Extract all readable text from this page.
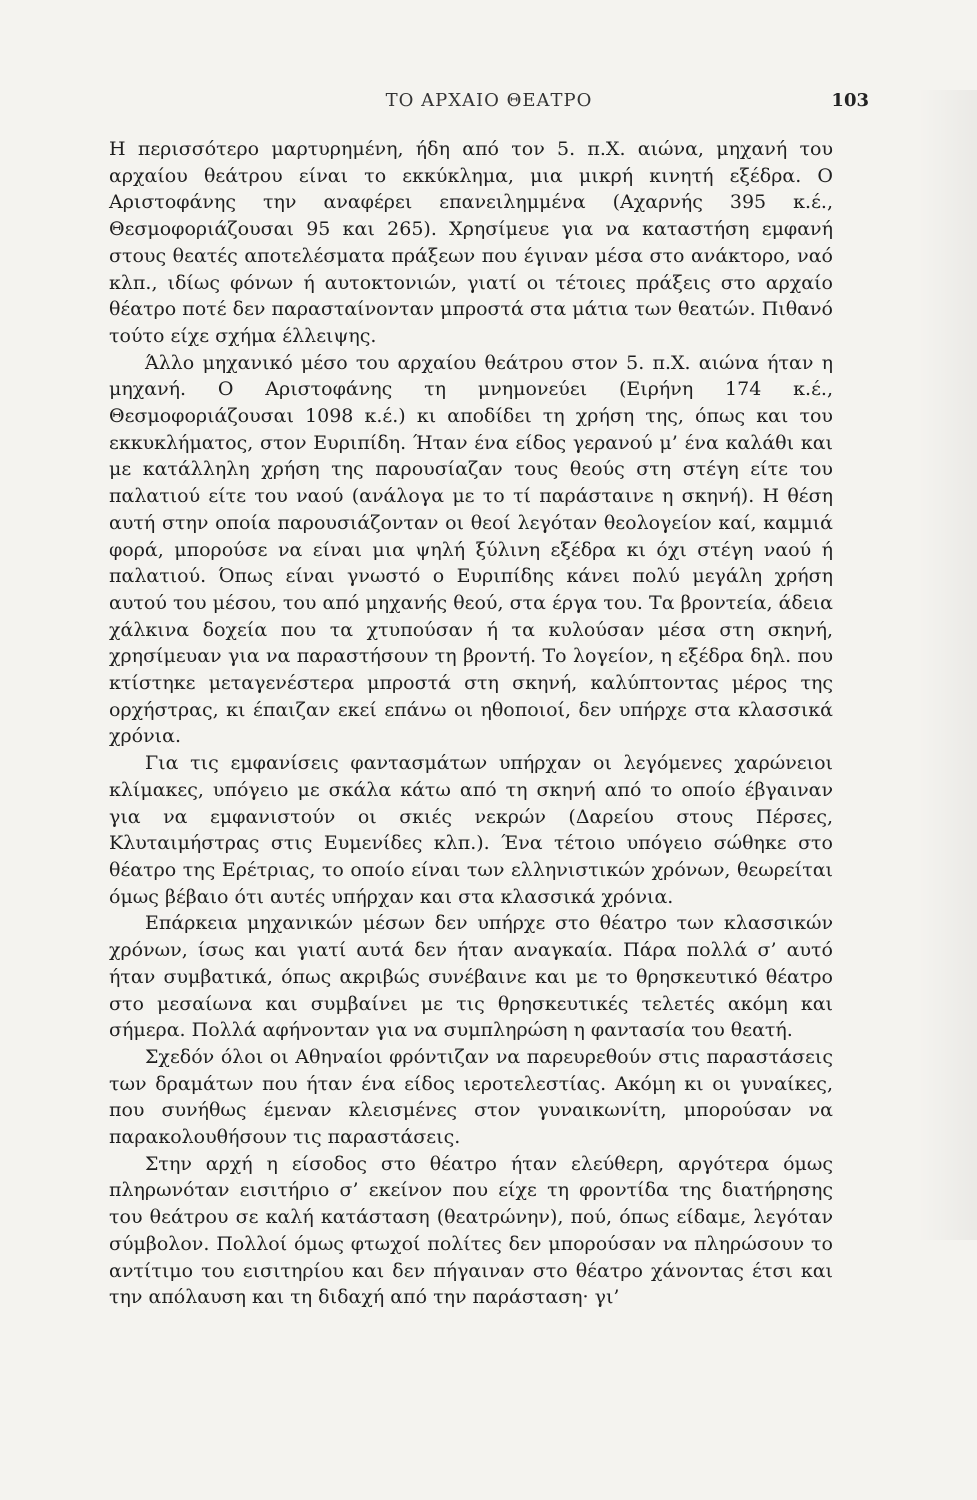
ΤΟ ΑΡΧΑΙΟ ΘΕΑΤΡΟ	103

Η περισσότερο μαρτυρημένη, ήδη από τον 5. π.Χ. αιώνα, μηχανή του αρχαίου θεάτρου είναι το εκκύκλημα, μια μικρή κινητή εξέδρα. Ο Αριστοφάνης την αναφέρει επανειλημμένα (Αχαρνής 395 κ.έ., Θεσμοφοριάζουσαι 95 και 265). Χρησίμευε για να καταστήση εμφανή στους θεατές αποτελέσματα πράξεων που έγιναν μέσα στο ανάκτορο, ναό κλπ., ιδίως φόνων ή αυτοκτονιών, γιατί οι τέτοιες πράξεις στο αρχαίο θέατρο ποτέ δεν παρασταίνονταν μπροστά στα μάτια των θεατών. Πιθανό τούτο είχε σχήμα έλλειψης.

Άλλο μηχανικό μέσο του αρχαίου θεάτρου στον 5. π.Χ. αιώνα ήταν η μηχανή. Ο Αριστοφάνης τη μνημονεύει (Ειρήνη 174 κ.έ., Θεσμοφοριάζουσαι 1098 κ.έ.) κι αποδίδει τη χρήση της, όπως και του εκκυκλήματος, στον Ευριπίδη. Ήταν ένα είδος γερανού μ’ ένα καλάθι και με κατάλληλη χρήση της παρουσίαζαν τους θεούς στη στέγη είτε του παλατιού είτε του ναού (ανάλογα με το τί παράσταινε η σκηνή). Η θέση αυτή στην οποία παρουσιάζονταν οι θεοί λεγόταν θεολογείον καί, καμμιά φορά, μπορούσε να είναι μια ψηλή ξύλινη εξέδρα κι όχι στέγη ναού ή παλατιού. Όπως είναι γνωστό ο Ευριπίδης κάνει πολύ μεγάλη χρήση αυτού του μέσου, του από μηχανής θεού, στα έργα του. Τα βροντεία, άδεια χάλκινα δοχεία που τα χτυπούσαν ή τα κυλούσαν μέσα στη σκηνή, χρησίμευαν για να παραστήσουν τη βροντή. Το λογείον, η εξέδρα δηλ. που κτίστηκε μεταγενέστερα μπροστά στη σκηνή, καλύπτοντας μέρος της ορχήστρας, κι έπαιζαν εκεί επάνω οι ηθοποιοί, δεν υπήρχε στα κλασσικά χρόνια.

Για τις εμφανίσεις φαντασμάτων υπήρχαν οι λεγόμενες χαρώνειοι κλίμακες, υπόγειο με σκάλα κάτω από τη σκηνή από το οποίο έβγαιναν για να εμφανιστούν οι σκιές νεκρών (Δαρείου στους Πέρσες, Κλυταιμήστρας στις Ευμενίδες κλπ.). Ένα τέτοιο υπόγειο σώθηκε στο θέατρο της Ερέτριας, το οποίο είναι των ελληνιστικών χρόνων, θεωρείται όμως βέβαιο ότι αυτές υπήρχαν και στα κλασσικά χρόνια.

Επάρκεια μηχανικών μέσων δεν υπήρχε στο θέατρο των κλασσικών χρόνων, ίσως και γιατί αυτά δεν ήταν αναγκαία. Πάρα πολλά σ’ αυτό ήταν συμβατικά, όπως ακριβώς συνέβαινε και με το θρησκευτικό θέατρο στο μεσαίωνα και συμβαίνει με τις θρησκευτικές τελετές ακόμη και σήμερα. Πολλά αφήνονταν για να συμπληρώση η φαντασία του θεατή.

Σχεδόν όλοι οι Αθηναίοι φρόντιζαν να παρευρεθούν στις παραστάσεις των δραμάτων που ήταν ένα είδος ιεροτελεστίας. Ακόμη κι οι γυναίκες, που συνήθως έμεναν κλεισμένες στον γυναικωνίτη, μπορούσαν να παρακολουθήσουν τις παραστάσεις.

Στην αρχή η είσοδος στο θέατρο ήταν ελεύθερη, αργότερα όμως πληρωνόταν εισιτήριο σ’ εκείνον που είχε τη φροντίδα της διατήρησης του θεάτρου σε καλή κατάσταση (θεατρώνην), πού, όπως είδαμε, λεγόταν σύμβολον. Πολλοί όμως φτωχοί πολίτες δεν μπορούσαν να πληρώσουν το αντίτιμο του εισιτηρίου και δεν πήγαιναν στο θέατρο χάνοντας έτσι και την απόλαυση και τη διδαχή από την παράσταση· γι’
